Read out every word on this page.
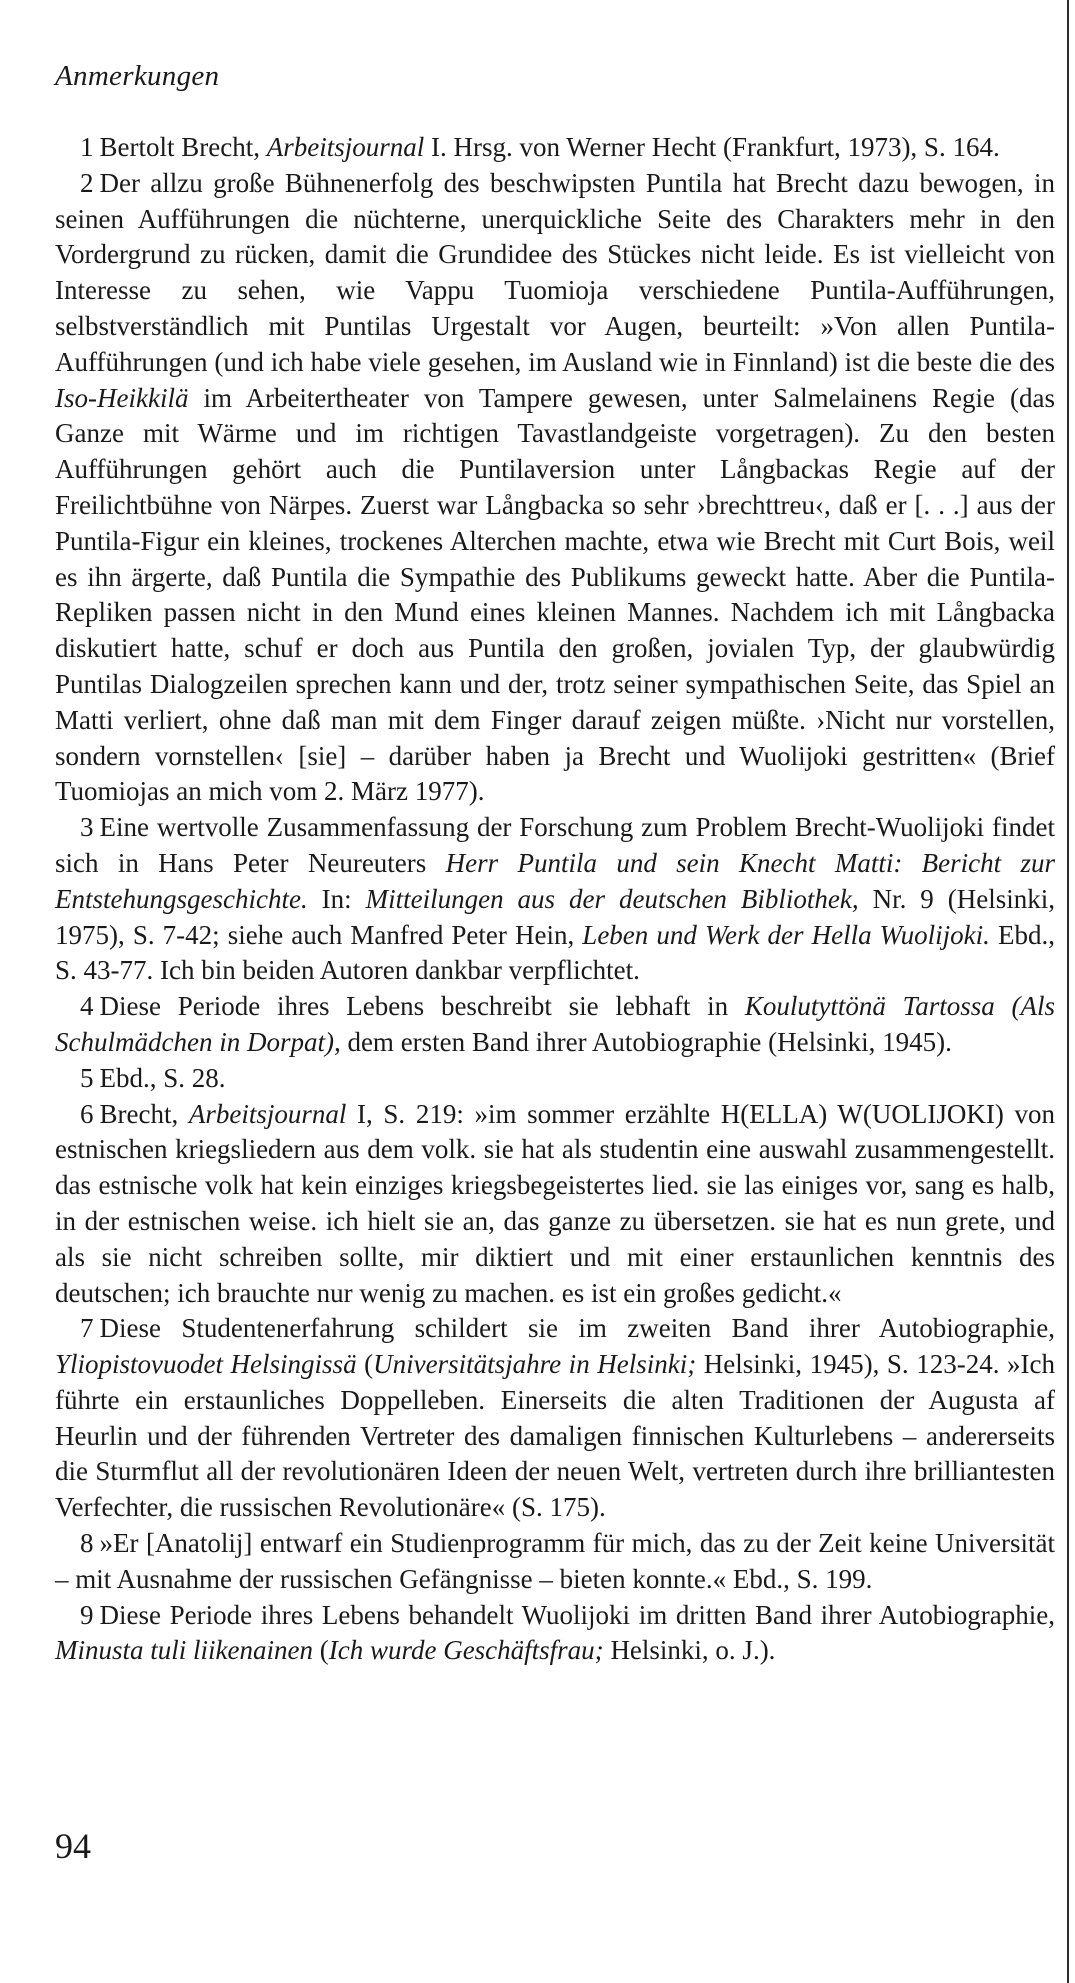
Anmerkungen

1 Bertolt Brecht, Arbeitsjournal I. Hrsg. von Werner Hecht (Frankfurt, 1973), S. 164.

2 Der allzu große Bühnenerfolg des beschwipsten Puntila hat Brecht dazu bewogen, in seinen Aufführungen die nüchterne, unerquickliche Seite des Charakters mehr in den Vordergrund zu rücken, damit die Grundidee des Stückes nicht leide. Es ist vielleicht von Interesse zu sehen, wie Vappu Tuomioja verschiedene Puntila-Aufführungen, selbstverständlich mit Puntilas Urgestalt vor Augen, beurteilt: »Von allen Puntila-Aufführungen (und ich habe viele gesehen, im Ausland wie in Finnland) ist die beste die des Iso-Heikkilä im Arbeitertheater von Tampere gewesen, unter Salmelainens Regie (das Ganze mit Wärme und im richtigen Tavastlandgeiste vorgetragen). Zu den besten Aufführungen gehört auch die Puntilaversion unter Långbackas Regie auf der Freilichtbühne von Närpes. Zuerst war Långbacka so sehr ›brechttreu‹, daß er [. . .] aus der Puntila-Figur ein kleines, trockenes Alterchen machte, etwa wie Brecht mit Curt Bois, weil es ihn ärgerte, daß Puntila die Sympathie des Publikums geweckt hatte. Aber die Puntila-Repliken passen nicht in den Mund eines kleinen Mannes. Nachdem ich mit Långbacka diskutiert hatte, schuf er doch aus Puntila den großen, jovialen Typ, der glaubwürdig Puntilas Dialogzeilen sprechen kann und der, trotz seiner sympathischen Seite, das Spiel an Matti verliert, ohne daß man mit dem Finger darauf zeigen müßte. ›Nicht nur vorstellen, sondern vornstellen‹ [sie] – darüber haben ja Brecht und Wuolijoki gestritten« (Brief Tuomiojas an mich vom 2. März 1977).

3 Eine wertvolle Zusammenfassung der Forschung zum Problem Brecht-Wuolijoki findet sich in Hans Peter Neureuters Herr Puntila und sein Knecht Matti: Bericht zur Entstehungsgeschichte. In: Mitteilungen aus der deutschen Bibliothek, Nr. 9 (Helsinki, 1975), S. 7-42; siehe auch Manfred Peter Hein, Leben und Werk der Hella Wuolijoki. Ebd., S. 43-77. Ich bin beiden Autoren dankbar verpflichtet.

4 Diese Periode ihres Lebens beschreibt sie lebhaft in Koulutyttönä Tartossa (Als Schulmädchen in Dorpat), dem ersten Band ihrer Autobiographie (Helsinki, 1945).

5 Ebd., S. 28.

6 Brecht, Arbeitsjournal I, S. 219: »im sommer erzählte H(ELLA) W(UOLIJOKI) von estnischen kriegsliedern aus dem volk. sie hat als studentin eine auswahl zusammengestellt. das estnische volk hat kein einziges kriegsbegeistertes lied. sie las einiges vor, sang es halb, in der estnischen weise. ich hielt sie an, das ganze zu übersetzen. sie hat es nun grete, und als sie nicht schreiben sollte, mir diktiert und mit einer erstaunlichen kenntnis des deutschen; ich brauchte nur wenig zu machen. es ist ein großes gedicht.«

7 Diese Studentenerfahrung schildert sie im zweiten Band ihrer Autobiographie, Yliopistovuodet Helsingissä (Universitätsjahre in Helsinki; Helsinki, 1945), S. 123-24. »Ich führte ein erstaunliches Doppelleben. Einerseits die alten Traditionen der Augusta af Heurlin und der führenden Vertreter des damaligen finnischen Kulturlebens – andererseits die Sturmflut all der revolutionären Ideen der neuen Welt, vertreten durch ihre brilliantesten Verfechter, die russischen Revolutionäre« (S. 175).

8 »Er [Anatolij] entwarf ein Studienprogramm für mich, das zu der Zeit keine Universität – mit Ausnahme der russischen Gefängnisse – bieten konnte.« Ebd., S. 199.

9 Diese Periode ihres Lebens behandelt Wuolijoki im dritten Band ihrer Autobiographie, Minusta tuli liikenainen (Ich wurde Geschäftsfrau; Helsinki, o. J.).

94
